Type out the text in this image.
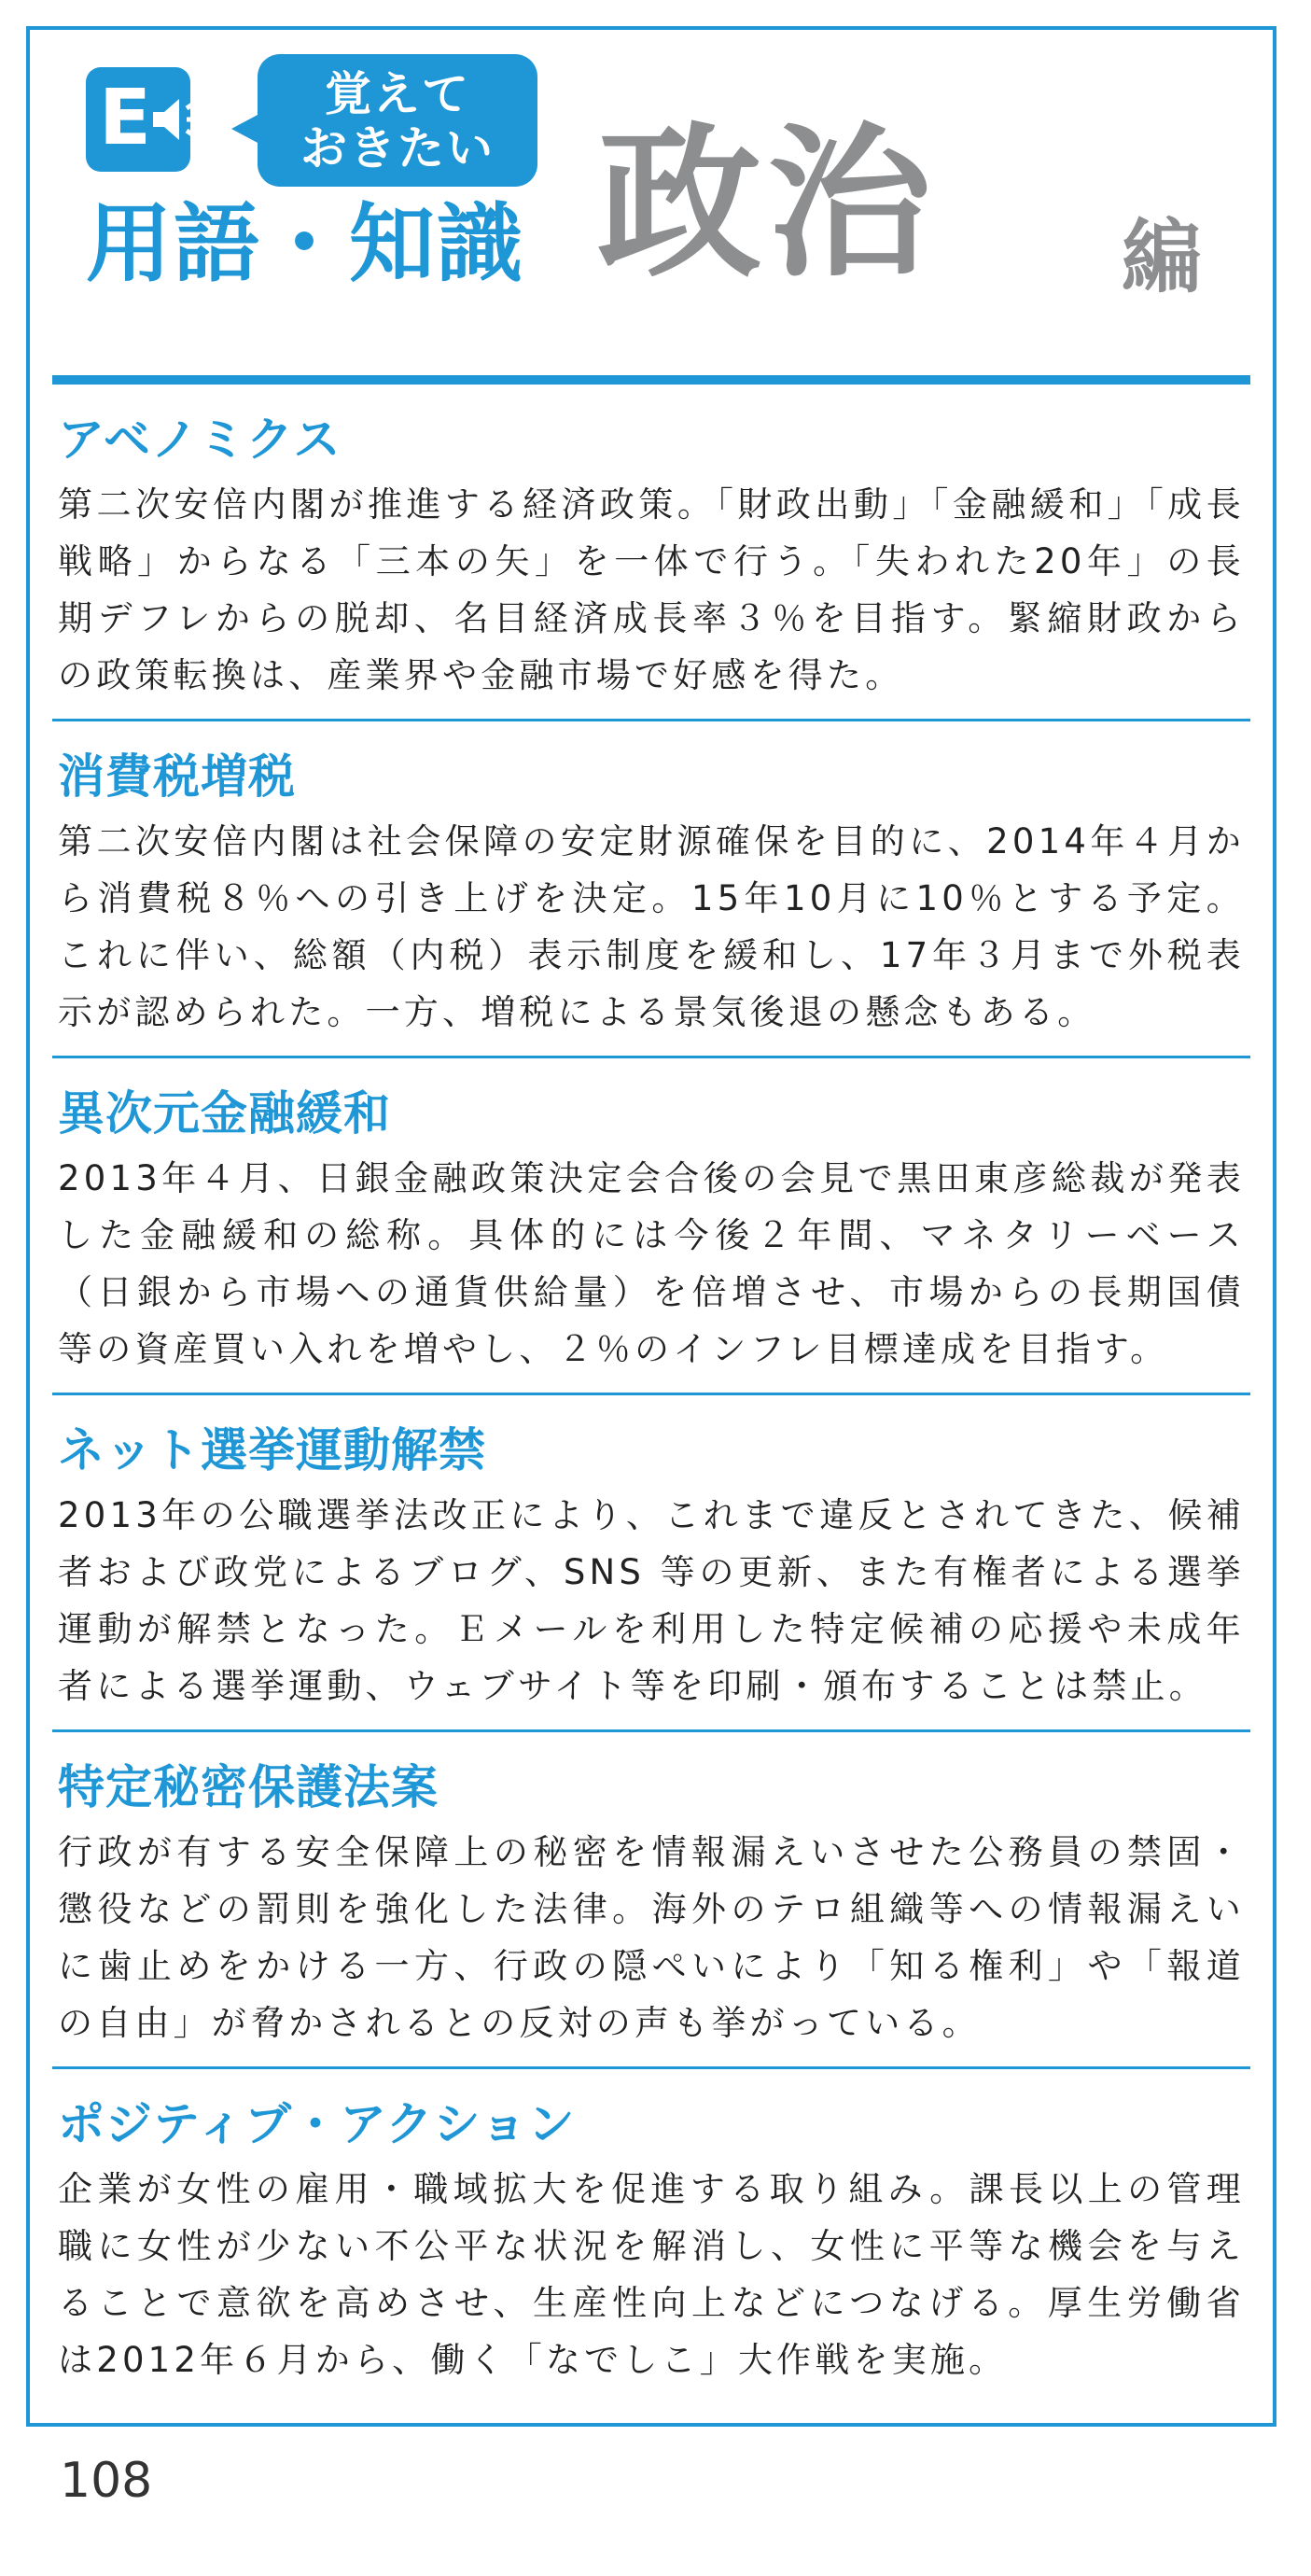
E	覚えて
おきたい
用語・知識 政治 編
アベノミクス

第二次安倍内閣が推進する経済政策。「財政出動」「金融緩和」「成長戦略」からなる「三本の矢」を一体で行う。「失われた20年」の長期デフレからの脱却、名目経済成長率３％を目指す。緊縮財政からの政策転換は、産業界や金融市場で好感を得た。

消費税増税

第二次安倍内閣は社会保障の安定財源確保を目的に、2014年４月から消費税８％への引き上げを決定。15年10月に10％とする予定。これに伴い、総額（内税）表示制度を緩和し、17年３月まで外税表示が認められた。一方、増税による景気後退の懸念もある。

異次元金融緩和

2013年４月、日銀金融政策決定会合後の会見で黒田東彦総裁が発表した金融緩和の総称。具体的には今後２年間、マネタリーベース（日銀から市場への通貨供給量）を倍増させ、市場からの長期国債等の資産買い入れを増やし、２％のインフレ目標達成を目指す。

ネット選挙運動解禁

2013年の公職選挙法改正により、これまで違反とされてきた、候補者および政党によるブログ、SNS 等の更新、また有権者による選挙運動が解禁となった。Ｅメールを利用した特定候補の応援や未成年者による選挙運動、ウェブサイト等を印刷・頒布することは禁止。

特定秘密保護法案

行政が有する安全保障上の秘密を情報漏えいさせた公務員の禁固・懲役などの罰則を強化した法律。海外のテロ組織等への情報漏えいに歯止めをかける一方、行政の隠ぺいにより「知る権利」や「報道の自由」が脅かされるとの反対の声も挙がっている。

ポジティブ・アクション

企業が女性の雇用・職域拡大を促進する取り組み。課長以上の管理職に女性が少ない不公平な状況を解消し、女性に平等な機会を与えることで意欲を高めさせ、生産性向上などにつなげる。厚生労働省は2012年６月から、働く「なでしこ」大作戦を実施。

108
